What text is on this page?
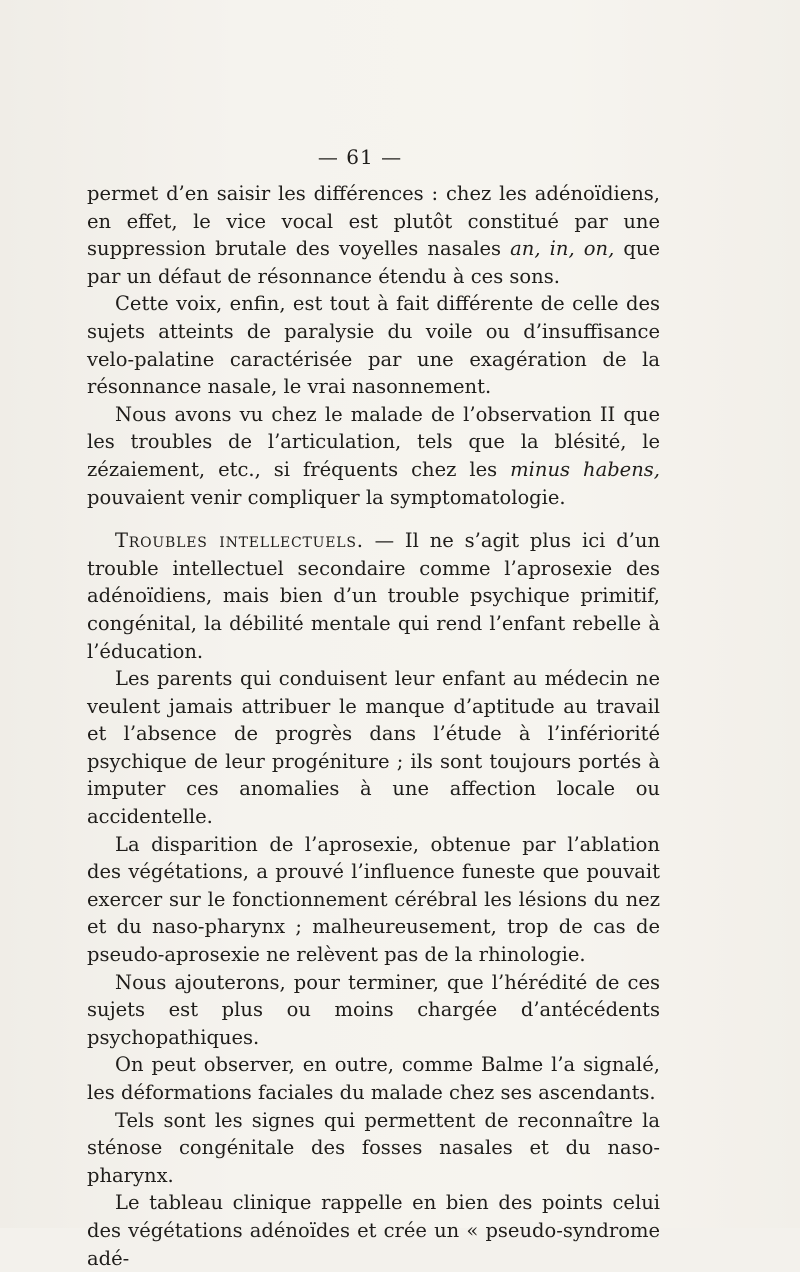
— 61 —

permet d’en saisir les différences : chez les adénoïdiens, en effet, le vice vocal est plutôt constitué par une suppression brutale des voyelles nasales an, in, on, que par un défaut de résonnance étendu à ces sons.

Cette voix, enfin, est tout à fait différente de celle des sujets atteints de paralysie du voile ou d’insuffisance velo-palatine caractérisée par une exagération de la résonnance nasale, le vrai nasonnement.

Nous avons vu chez le malade de l’observation II que les troubles de l’articulation, tels que la blésité, le zézaiement, etc., si fréquents chez les minus habens, pouvaient venir compliquer la symptomatologie.

Troubles intellectuels. — Il ne s’agit plus ici d’un trouble intellectuel secondaire comme l’aprosexie des adénoïdiens, mais bien d’un trouble psychique primitif, congénital, la débilité mentale qui rend l’enfant rebelle à l’éducation.

Les parents qui conduisent leur enfant au médecin ne veulent jamais attribuer le manque d’aptitude au travail et l’absence de progrès dans l’étude à l’infériorité psychique de leur progéniture ; ils sont toujours portés à imputer ces anomalies à une affection locale ou accidentelle.

La disparition de l’aprosexie, obtenue par l’ablation des végétations, a prouvé l’influence funeste que pouvait exercer sur le fonctionnement cérébral les lésions du nez et du naso-pharynx ; malheureusement, trop de cas de pseudo-aprosexie ne relèvent pas de la rhinologie.

Nous ajouterons, pour terminer, que l’hérédité de ces sujets est plus ou moins chargée d’antécédents psychopathiques.

On peut observer, en outre, comme Balme l’a signalé, les déformations faciales du malade chez ses ascendants.

Tels sont les signes qui permettent de reconnaître la sténose congénitale des fosses nasales et du naso-pharynx.

Le tableau clinique rappelle en bien des points celui des végétations adénoïdes et crée un « pseudo-syndrome adé-
